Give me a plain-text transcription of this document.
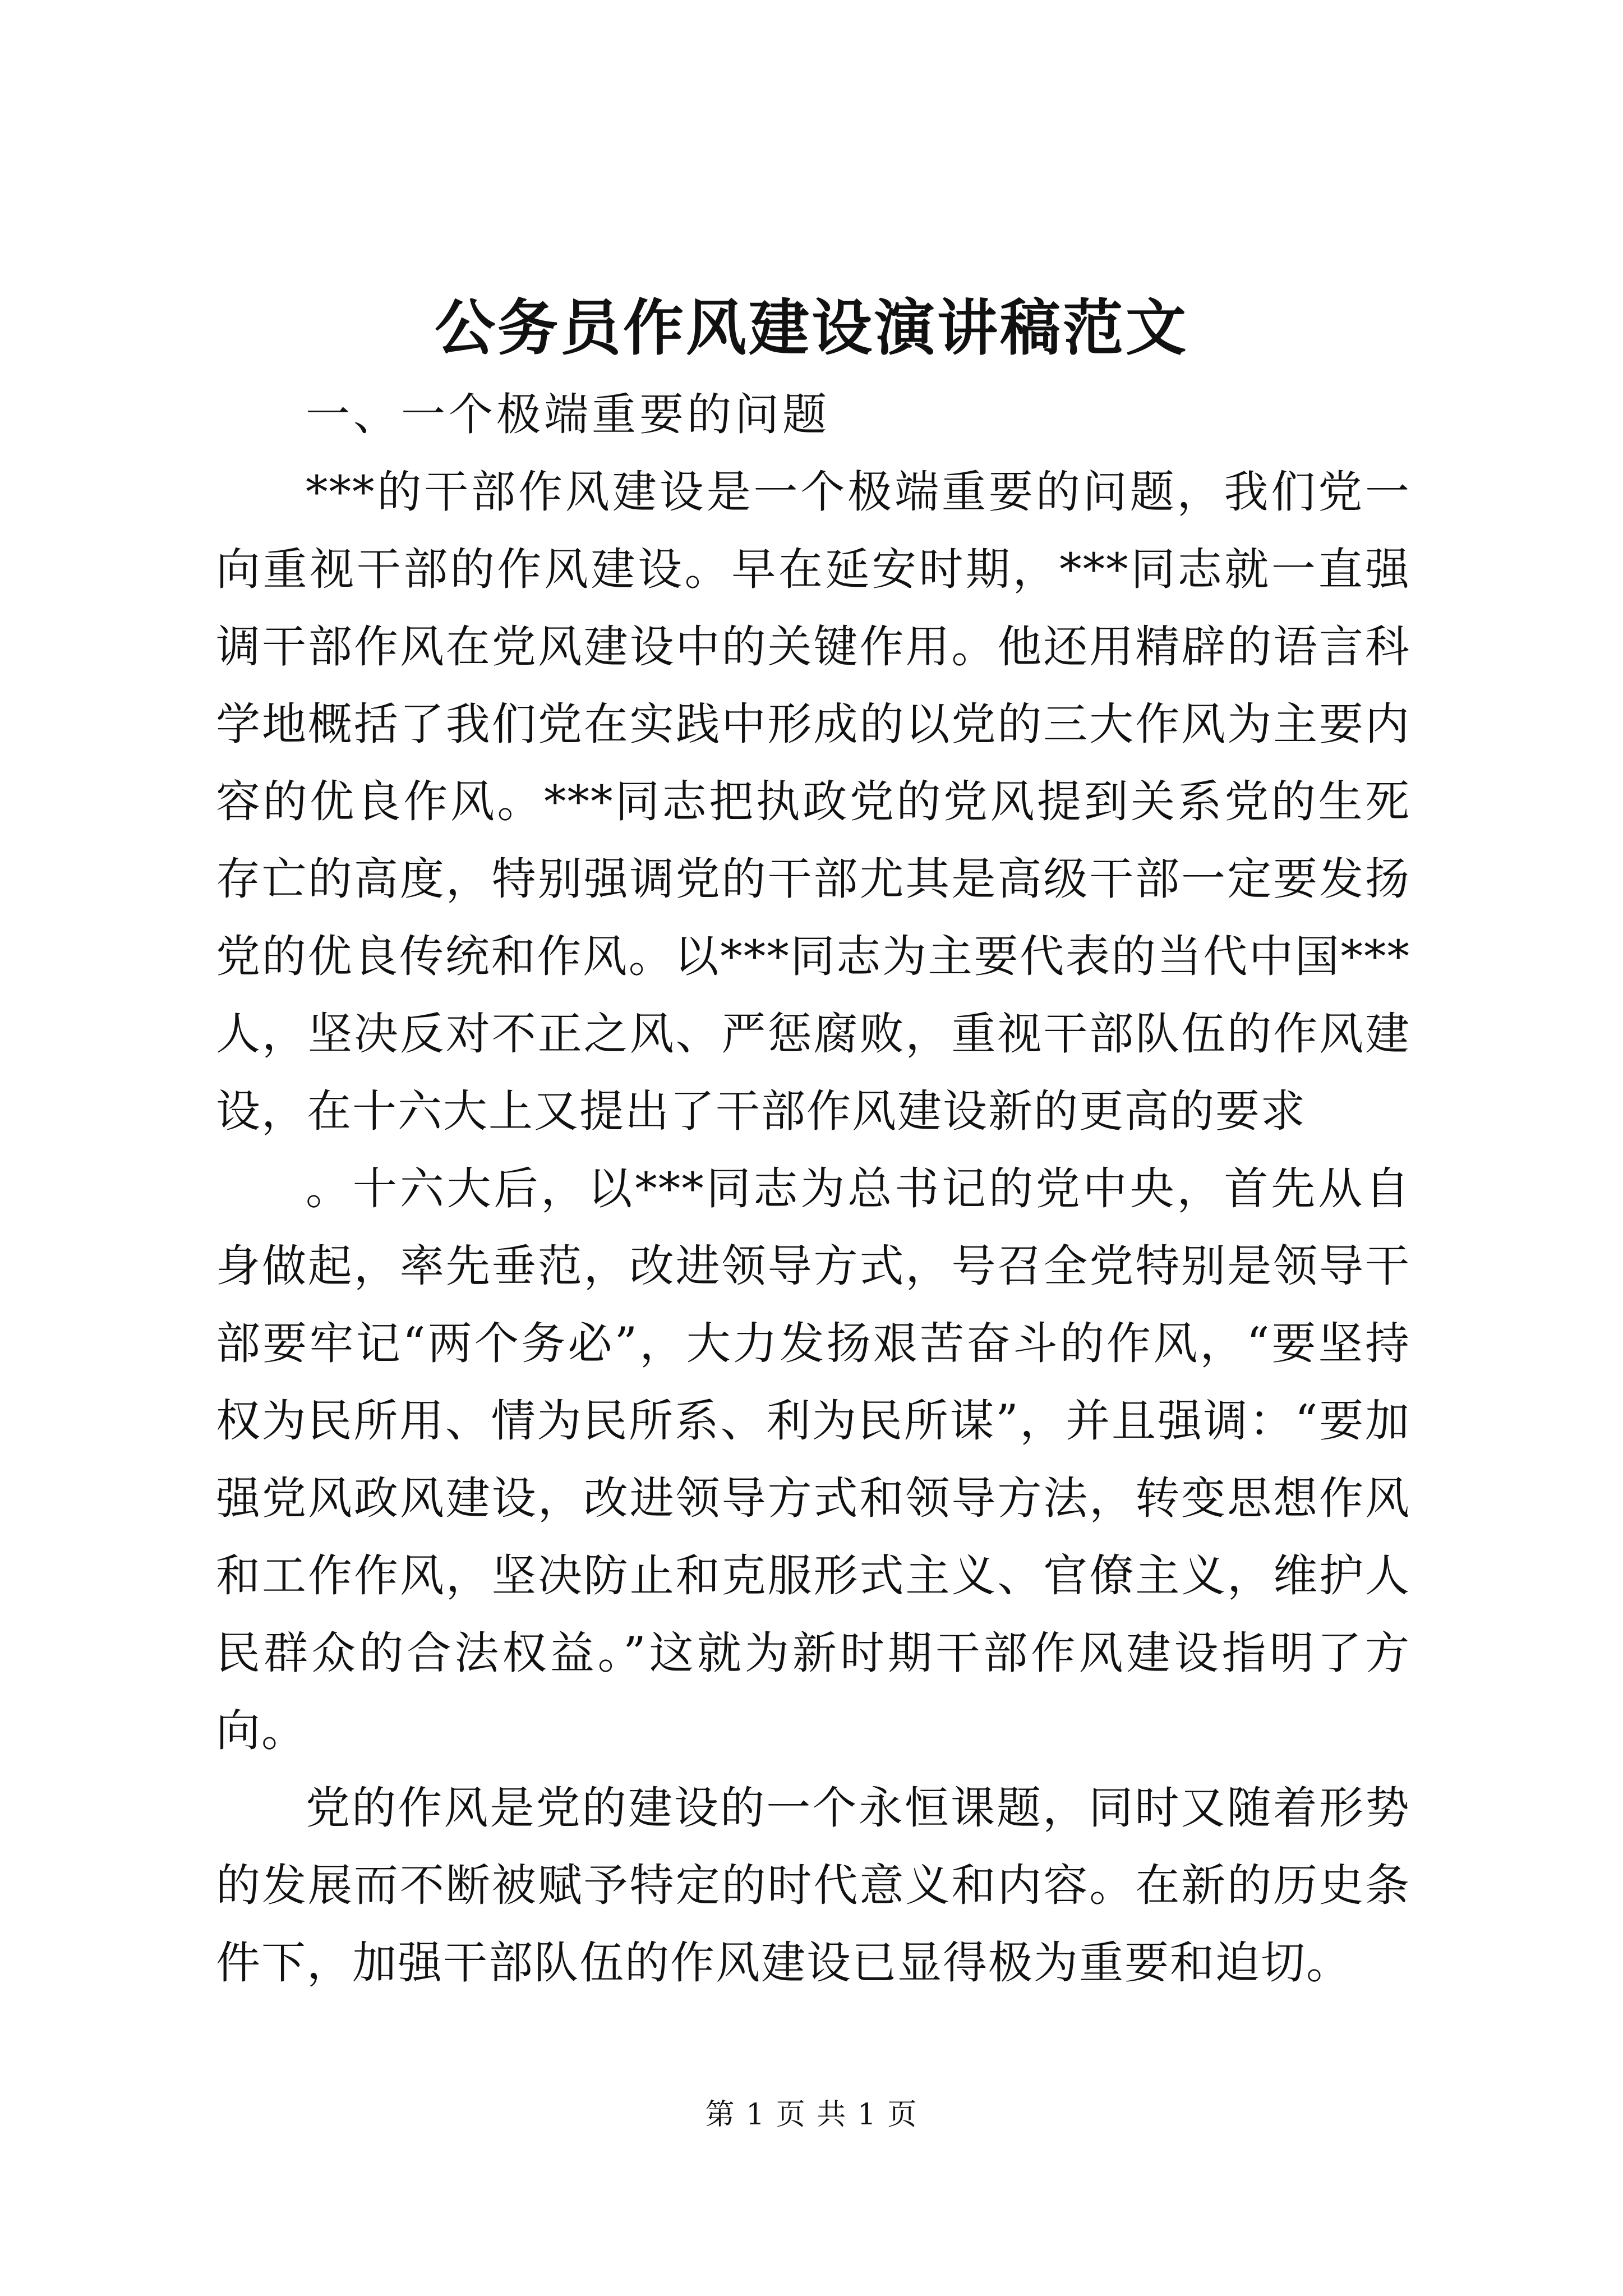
公务员作风建设演讲稿范文

一、一个极端重要的问题

***的干部作风建设是一个极端重要的问题，我们党一向重视干部的作风建设。早在延安时期，***同志就一直强调干部作风在党风建设中的关键作用。他还用精辟的语言科学地概括了我们党在实践中形成的以党的三大作风为主要内容的优良作风。***同志把执政党的党风提到关系党的生死存亡的高度，特别强调党的干部尤其是高级干部一定要发扬党的优良传统和作风。以***同志为主要代表的当代中国***人，坚决反对不正之风、严惩腐败，重视干部队伍的作风建设，在十六大上又提出了干部作风建设新的更高的要求

。十六大后，以***同志为总书记的党中央，首先从自身做起，率先垂范，改进领导方式，号召全党特别是领导干部要牢记“两个务必”，大力发扬艰苦奋斗的作风，“要坚持权为民所用、情为民所系、利为民所谋”，并且强调：“要加强党风政风建设，改进领导方式和领导方法，转变思想作风和工作作风，坚决防止和克服形式主义、官僚主义，维护人民群众的合法权益。”这就为新时期干部作风建设指明了方向。

党的作风是党的建设的一个永恒课题，同时又随着形势的发展而不断被赋予特定的时代意义和内容。在新的历史条件下，加强干部队伍的作风建设已显得极为重要和迫切。

第 1 页 共 1 页
